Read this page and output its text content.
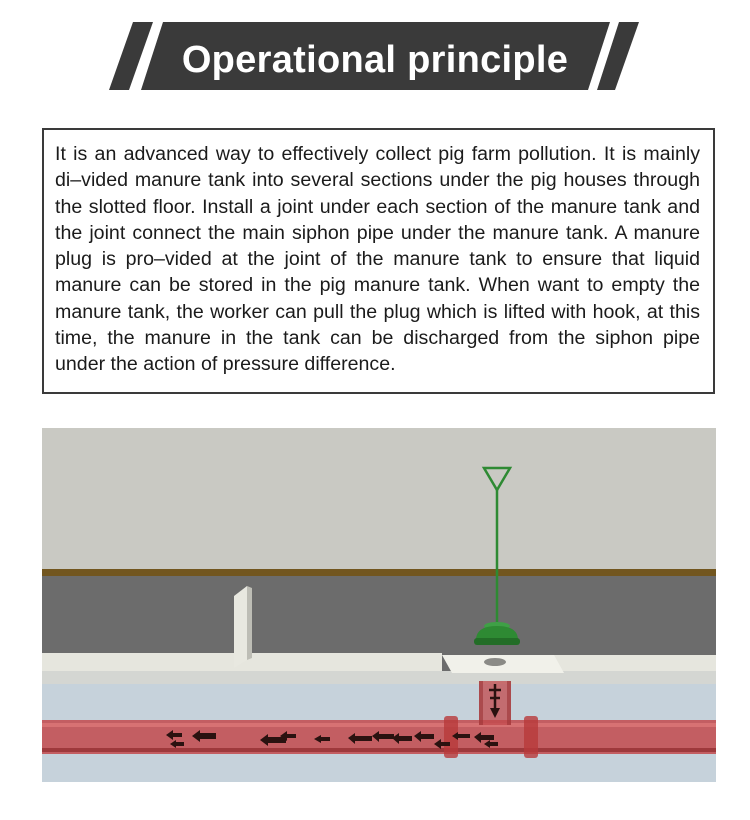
Operational principle
It is an advanced way to effectively collect pig farm pollution. It is mainly di–vided manure tank into several sections under the pig houses through the slotted floor. Install a joint under each section of the manure tank and the joint connect the main siphon pipe under the manure tank. A manure plug is pro–vided at the joint of the manure tank to ensure that liquid manure can be stored in the pig manure tank. When want to empty the manure tank, the worker can pull the plug which is lifted with hook, at this time, the manure in the tank can be discharged from the siphon pipe under the action of pressure difference.
